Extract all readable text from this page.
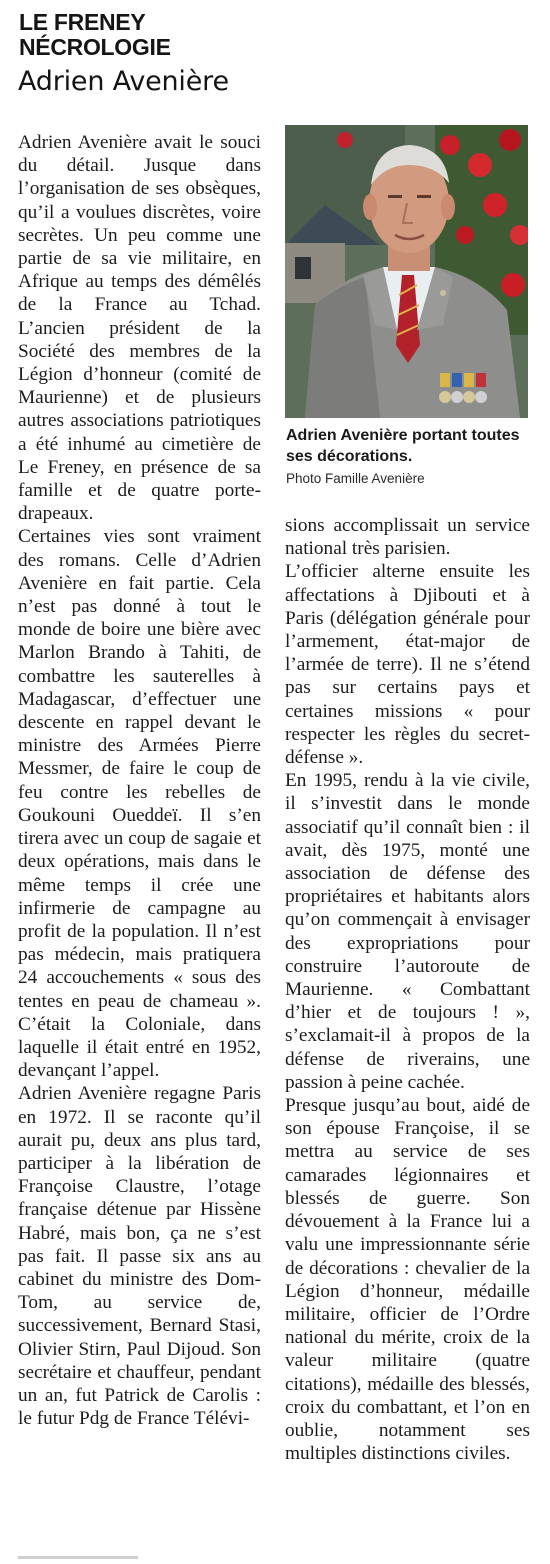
LE FRENEY
NÉCROLOGIE
Adrien Avenière

Adrien Avenière avait le souci du détail. Jusque dans l’organisation de ses obsèques, qu’il a voulues discrètes, voire secrètes. Un peu comme une partie de sa vie militaire, en Afrique au temps des démêlés de la France au Tchad. L’ancien président de la Société des membres de la Légion d’honneur (comité de Maurienne) et de plusieurs autres associations patriotiques a été inhumé au cimetière de Le Freney, en présence de sa famille et de quatre porte-drapeaux.

Certaines vies sont vraiment des romans. Celle d’Adrien Avenière en fait partie. Cela n’est pas donné à tout le monde de boire une bière avec Marlon Brando à Tahiti, de combattre les sauterelles à Madagascar, d’effectuer une descente en rappel devant le ministre des Armées Pierre Messmer, de faire le coup de feu contre les rebelles de Goukouni Oueddeï. Il s’en tirera avec un coup de sagaie et deux opérations, mais dans le même temps il crée une infirmerie de campagne au profit de la population. Il n’est pas médecin, mais pratiquera 24 accouchements « sous des tentes en peau de chameau ». C’était la Coloniale, dans laquelle il était entré en 1952, devançant l’appel.

Adrien Avenière regagne Paris en 1972. Il se raconte qu’il aurait pu, deux ans plus tard, participer à la libération de Françoise Claustre, l’otage française détenue par Hissène Habré, mais bon, ça ne s’est pas fait. Il passe six ans au cabinet du ministre des Dom-Tom, au service de, successivement, Bernard Stasi, Olivier Stirn, Paul Dijoud. Son secrétaire et chauffeur, pendant un an, fut Patrick de Carolis : le futur Pdg de France Télévi-

Adrien Avenière portant toutes ses décorations.
Photo Famille Avenière

sions accomplissait un service national très parisien.

L’officier alterne ensuite les affectations à Djibouti et à Paris (délégation générale pour l’armement, état-major de l’armée de terre). Il ne s’étend pas sur certains pays et certaines missions « pour respecter les règles du secret-défense ».

En 1995, rendu à la vie civile, il s’investit dans le monde associatif qu’il connaît bien : il avait, dès 1975, monté une association de défense des propriétaires et habitants alors qu’on commençait à envisager des expropriations pour construire l’autoroute de Maurienne. « Combattant d’hier et de toujours ! », s’exclamait-il à propos de la défense de riverains, une passion à peine cachée.

Presque jusqu’au bout, aidé de son épouse Françoise, il se mettra au service de ses camarades légionnaires et blessés de guerre. Son dévouement à la France lui a valu une impressionnante série de décorations : chevalier de la Légion d’honneur, médaille militaire, officier de l’Ordre national du mérite, croix de la valeur militaire (quatre citations), médaille des blessés, croix du combattant, et l’on en oublie, notamment ses multiples distinctions civiles.
